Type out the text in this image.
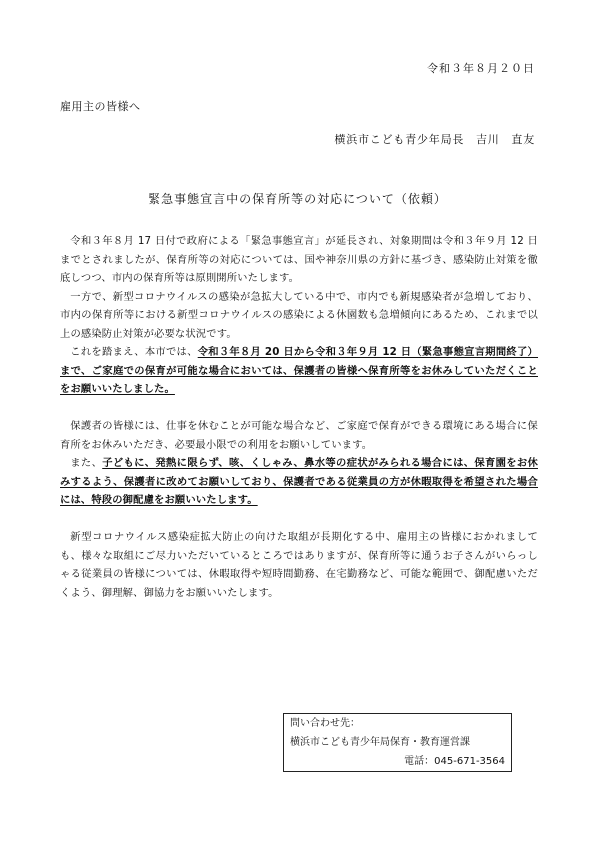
令和３年８月２０日
雇用主の皆様へ
横浜市こども青少年局長　吉川　直友
緊急事態宣言中の保育所等の対応について（依頼）

令和３年８月 17 日付で政府による「緊急事態宣言」が延長され、対象期間は令和３年９月 12 日までとされましたが、保育所等の対応については、国や神奈川県の方針に基づき、感染防止対策を徹底しつつ、市内の保育所等は原則開所いたします。

一方で、新型コロナウイルスの感染が急拡大している中で、市内でも新規感染者が急増しており、市内の保育所等における新型コロナウイルスの感染による休園数も急増傾向にあるため、これまで以上の感染防止対策が必要な状況です。

これを踏まえ、本市では、令和３年８月 20 日から令和３年９月 12 日（緊急事態宣言期間終了）まで、ご家庭での保育が可能な場合においては、保護者の皆様へ保育所等をお休みしていただくことをお願いいたしました。

保護者の皆様には、仕事を休むことが可能な場合など、ご家庭で保育ができる環境にある場合に保育所をお休みいただき、必要最小限での利用をお願いしています。

また、子どもに、発熱に限らず、咳、くしゃみ、鼻水等の症状がみられる場合には、保育園をお休みするよう、保護者に改めてお願いしており、保護者である従業員の方が休暇取得を希望された場合には、特段の御配慮をお願いいたします。

新型コロナウイルス感染症拡大防止の向けた取組が長期化する中、雇用主の皆様におかれましても、様々な取組にご尽力いただいているところではありますが、保育所等に通うお子さんがいらっしゃる従業員の皆様については、休暇取得や短時間勤務、在宅勤務など、可能な範囲で、御配慮いただくよう、御理解、御協力をお願いいたします。

問い合わせ先：
横浜市こども青少年局保育・教育運営課
電話：045-671-3564
